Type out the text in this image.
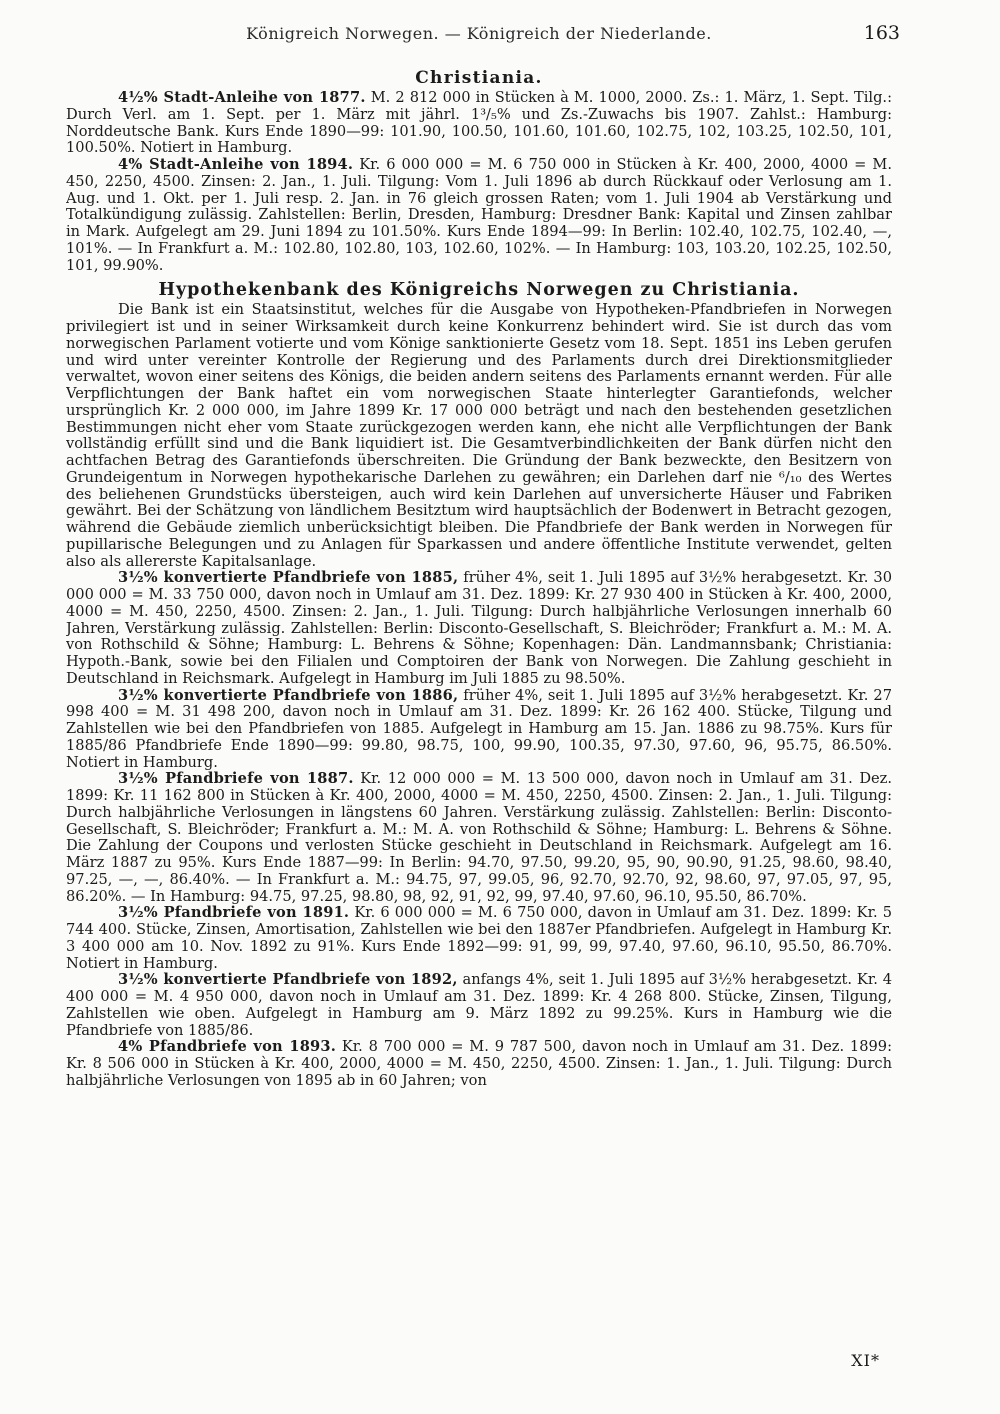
Königreich Norwegen. — Königreich der Niederlande.	163
Christiania.

4½% Stadt-Anleihe von 1877. M. 2 812 000 in Stücken à M. 1000, 2000. Zs.: 1. März, 1. Sept. Tilg.: Durch Verl. am 1. Sept. per 1. März mit jährl. 1³/₅% und Zs.-Zuwachs bis 1907. Zahlst.: Hamburg: Norddeutsche Bank. Kurs Ende 1890—99: 101.90, 100.50, 101.60, 101.60, 102.75, 102, 103.25, 102.50, 101, 100.50%. Notiert in Hamburg.

4% Stadt-Anleihe von 1894. Kr. 6 000 000 = M. 6 750 000 in Stücken à Kr. 400, 2000, 4000 = M. 450, 2250, 4500. Zinsen: 2. Jan., 1. Juli. Tilgung: Vom 1. Juli 1896 ab durch Rückkauf oder Verlosung am 1. Aug. und 1. Okt. per 1. Juli resp. 2. Jan. in 76 gleich grossen Raten; vom 1. Juli 1904 ab Verstärkung und Totalkündigung zulässig. Zahlstellen: Berlin, Dresden, Hamburg: Dresdner Bank: Kapital und Zinsen zahlbar in Mark. Aufgelegt am 29. Juni 1894 zu 101.50%. Kurs Ende 1894—99: In Berlin: 102.40, 102.75, 102.40, —, 101%. — In Frankfurt a. M.: 102.80, 102.80, 103, 102.60, 102%. — In Hamburg: 103, 103.20, 102.25, 102.50, 101, 99.90%.

Hypothekenbank des Königreichs Norwegen zu Christiania.

Die Bank ist ein Staatsinstitut, welches für die Ausgabe von Hypotheken-Pfandbriefen in Norwegen privilegiert ist und in seiner Wirksamkeit durch keine Konkurrenz behindert wird. Sie ist durch das vom norwegischen Parlament votierte und vom Könige sanktionierte Gesetz vom 18. Sept. 1851 ins Leben gerufen und wird unter vereinter Kontrolle der Regierung und des Parlaments durch drei Direktionsmitglieder verwaltet, wovon einer seitens des Königs, die beiden andern seitens des Parlaments ernannt werden. Für alle Verpflichtungen der Bank haftet ein vom norwegischen Staate hinterlegter Garantiefonds, welcher ursprünglich Kr. 2 000 000, im Jahre 1899 Kr. 17 000 000 beträgt und nach den bestehenden gesetzlichen Bestimmungen nicht eher vom Staate zurückgezogen werden kann, ehe nicht alle Verpflichtungen der Bank vollständig erfüllt sind und die Bank liquidiert ist. Die Gesamtverbindlichkeiten der Bank dürfen nicht den achtfachen Betrag des Garantiefonds überschreiten. Die Gründung der Bank bezweckte, den Besitzern von Grundeigentum in Norwegen hypothekarische Darlehen zu gewähren; ein Darlehen darf nie ⁶/₁₀ des Wertes des beliehenen Grundstücks übersteigen, auch wird kein Darlehen auf unversicherte Häuser und Fabriken gewährt. Bei der Schätzung von ländlichem Besitztum wird hauptsächlich der Bodenwert in Betracht gezogen, während die Gebäude ziemlich unberücksichtigt bleiben. Die Pfandbriefe der Bank werden in Norwegen für pupillarische Belegungen und zu Anlagen für Sparkassen und andere öffentliche Institute verwendet, gelten also als allererste Kapitalsanlage.

3½% konvertierte Pfandbriefe von 1885, früher 4%, seit 1. Juli 1895 auf 3½% herabgesetzt. Kr. 30 000 000 = M. 33 750 000, davon noch in Umlauf am 31. Dez. 1899: Kr. 27 930 400 in Stücken à Kr. 400, 2000, 4000 = M. 450, 2250, 4500. Zinsen: 2. Jan., 1. Juli. Tilgung: Durch halbjährliche Verlosungen innerhalb 60 Jahren, Verstärkung zulässig. Zahlstellen: Berlin: Disconto-Gesellschaft, S. Bleichröder; Frankfurt a. M.: M. A. von Rothschild & Söhne; Hamburg: L. Behrens & Söhne; Kopenhagen: Dän. Landmannsbank; Christiania: Hypoth.-Bank, sowie bei den Filialen und Comptoiren der Bank von Norwegen. Die Zahlung geschieht in Deutschland in Reichsmark. Aufgelegt in Hamburg im Juli 1885 zu 98.50%.

3½% konvertierte Pfandbriefe von 1886, früher 4%, seit 1. Juli 1895 auf 3½% herabgesetzt. Kr. 27 998 400 = M. 31 498 200, davon noch in Umlauf am 31. Dez. 1899: Kr. 26 162 400. Stücke, Tilgung und Zahlstellen wie bei den Pfandbriefen von 1885. Aufgelegt in Hamburg am 15. Jan. 1886 zu 98.75%. Kurs für 1885/86 Pfandbriefe Ende 1890—99: 99.80, 98.75, 100, 99.90, 100.35, 97.30, 97.60, 96, 95.75, 86.50%. Notiert in Hamburg.

3½% Pfandbriefe von 1887. Kr. 12 000 000 = M. 13 500 000, davon noch in Umlauf am 31. Dez. 1899: Kr. 11 162 800 in Stücken à Kr. 400, 2000, 4000 = M. 450, 2250, 4500. Zinsen: 2. Jan., 1. Juli. Tilgung: Durch halbjährliche Verlosungen in längstens 60 Jahren. Verstärkung zulässig. Zahlstellen: Berlin: Disconto-Gesellschaft, S. Bleichröder; Frankfurt a. M.: M. A. von Rothschild & Söhne; Hamburg: L. Behrens & Söhne. Die Zahlung der Coupons und verlosten Stücke geschieht in Deutschland in Reichsmark. Aufgelegt am 16. März 1887 zu 95%. Kurs Ende 1887—99: In Berlin: 94.70, 97.50, 99.20, 95, 90, 90.90, 91.25, 98.60, 98.40, 97.25, —, —, 86.40%. — In Frankfurt a. M.: 94.75, 97, 99.05, 96, 92.70, 92.70, 92, 98.60, 97, 97.05, 97, 95, 86.20%. — In Hamburg: 94.75, 97.25, 98.80, 98, 92, 91, 92, 99, 97.40, 97.60, 96.10, 95.50, 86.70%.

3½% Pfandbriefe von 1891. Kr. 6 000 000 = M. 6 750 000, davon in Umlauf am 31. Dez. 1899: Kr. 5 744 400. Stücke, Zinsen, Amortisation, Zahlstellen wie bei den 1887er Pfandbriefen. Aufgelegt in Hamburg Kr. 3 400 000 am 10. Nov. 1892 zu 91%. Kurs Ende 1892—99: 91, 99, 99, 97.40, 97.60, 96.10, 95.50, 86.70%. Notiert in Hamburg.

3½% konvertierte Pfandbriefe von 1892, anfangs 4%, seit 1. Juli 1895 auf 3½% herabgesetzt. Kr. 4 400 000 = M. 4 950 000, davon noch in Umlauf am 31. Dez. 1899: Kr. 4 268 800. Stücke, Zinsen, Tilgung, Zahlstellen wie oben. Aufgelegt in Hamburg am 9. März 1892 zu 99.25%. Kurs in Hamburg wie die Pfandbriefe von 1885/86.

4% Pfandbriefe von 1893. Kr. 8 700 000 = M. 9 787 500, davon noch in Umlauf am 31. Dez. 1899: Kr. 8 506 000 in Stücken à Kr. 400, 2000, 4000 = M. 450, 2250, 4500. Zinsen: 1. Jan., 1. Juli. Tilgung: Durch halbjährliche Verlosungen von 1895 ab in 60 Jahren; von

XI*
